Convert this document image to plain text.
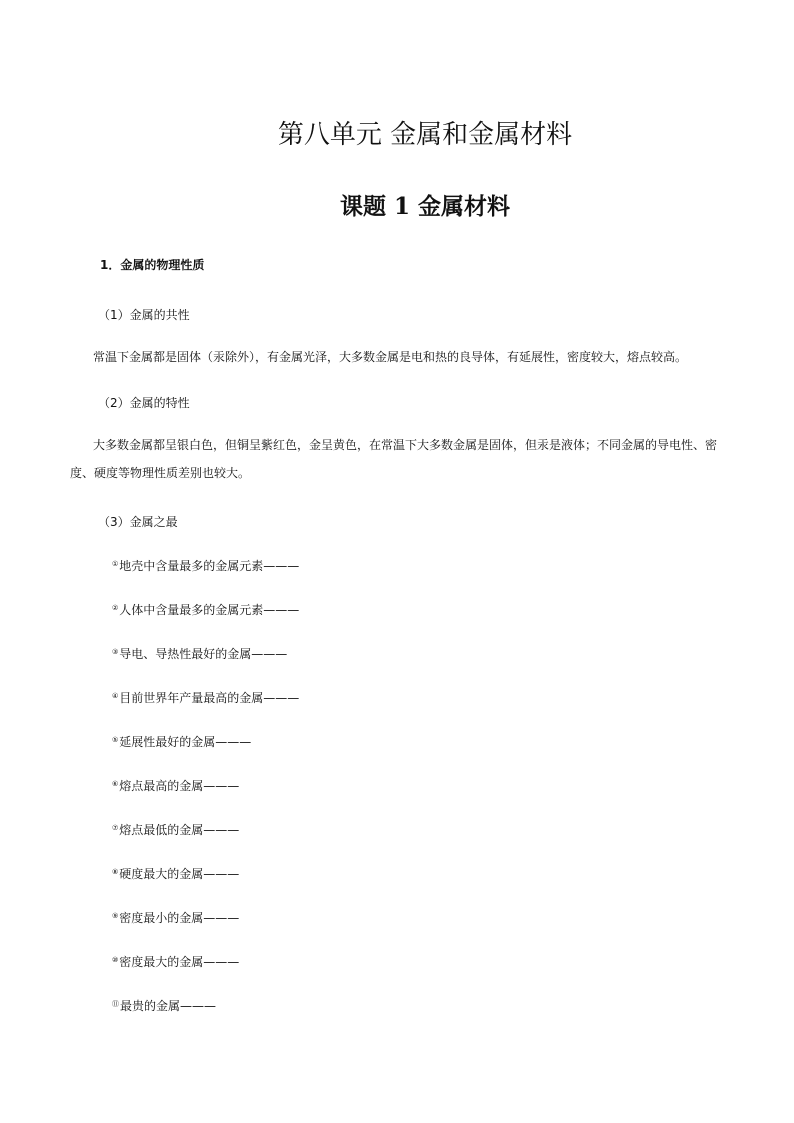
第八单元 金属和金属材料
课题 1 金属材料
1．金属的物理性质
（1）金属的共性
常温下金属都是固体（汞除外），有金属光泽，大多数金属是电和热的良导体，有延展性，密度较大，熔点较高。
（2）金属的特性
大多数金属都呈银白色，但铜呈紫红色，金呈黄色，在常温下大多数金属是固体，但汞是液体；不同金属的导电性、密度、硬度等物理性质差别也较大。
（3）金属之最
①地壳中含量最多的金属元素———
②人体中含量最多的金属元素———
③导电、导热性最好的金属———
④目前世界年产量最高的金属———
⑤延展性最好的金属———
⑥熔点最高的金属———
⑦熔点最低的金属———
⑧硬度最大的金属———
⑨密度最小的金属———
⑩密度最大的金属———
⑪最贵的金属———
